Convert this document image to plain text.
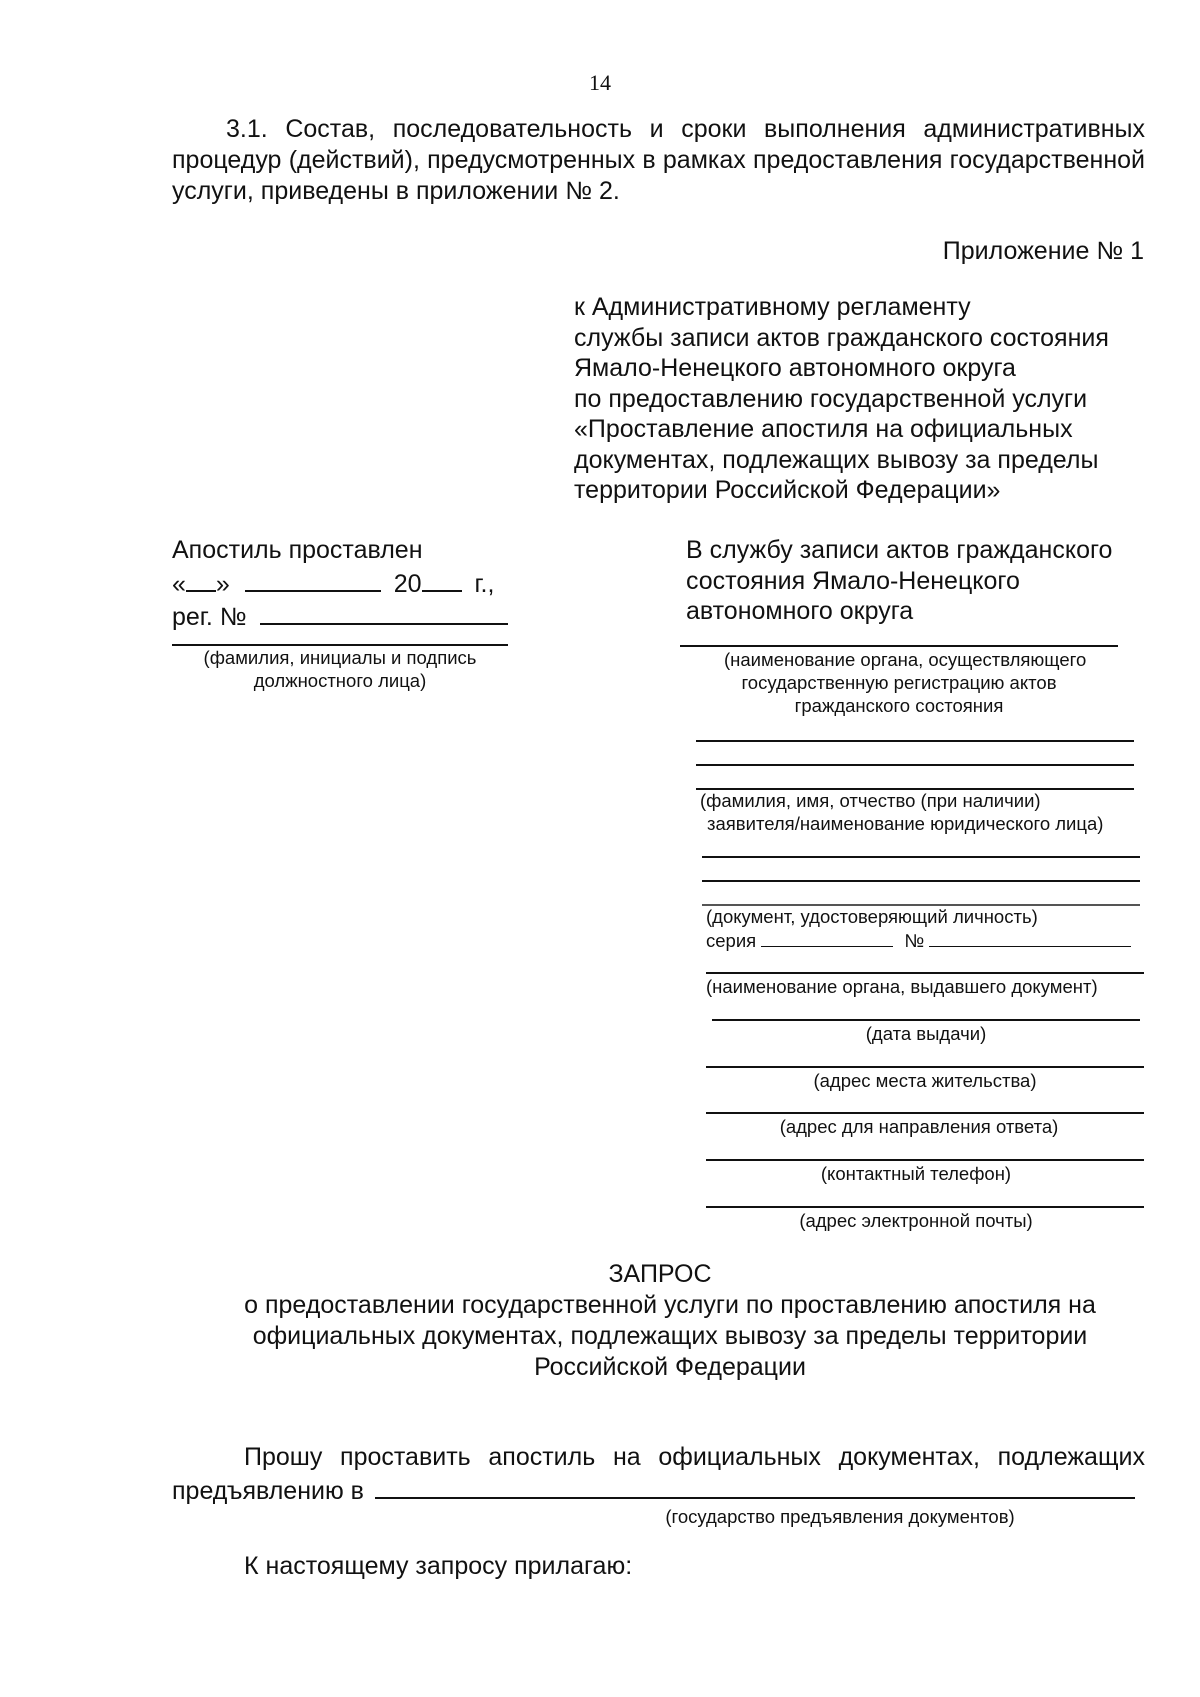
14
3.1. Состав, последовательность и сроки выполнения административных процедур (действий), предусмотренных в рамках предоставления государственной услуги, приведены в приложении № 2.
Приложение № 1
к Административному регламенту
службы записи актов гражданского состояния
Ямало-Ненецкого автономного округа
по предоставлению государственной услуги
«Проставление апостиля на официальных
документах, подлежащих вывозу за пределы
территории Российской Федерации»
Апостиль проставлен
« »	20 г.,
рег. №
(фамилия, инициалы и подпись
должностного лица)
В службу записи актов гражданского
состояния Ямало-Ненецкого
автономного округа
(наименование органа, осуществляющего
государственную регистрацию актов
гражданского состояния
(фамилия, имя, отчество (при наличии)
заявителя/наименование юридического лица)
(документ, удостоверяющий личность)
серия	№
(наименование органа, выдавшего документ)
(дата выдачи)
(адрес места жительства)
(адрес для направления ответа)
(контактный телефон)
(адрес электронной почты)
ЗАПРОС
о предоставлении государственной услуги по проставлению апостиля на официальных документах, подлежащих вывозу за пределы территории Российской Федерации
Прошу проставить апостиль на официальных документах, подлежащих
предъявлению в
(государство предъявления документов)
К настоящему запросу прилагаю:
